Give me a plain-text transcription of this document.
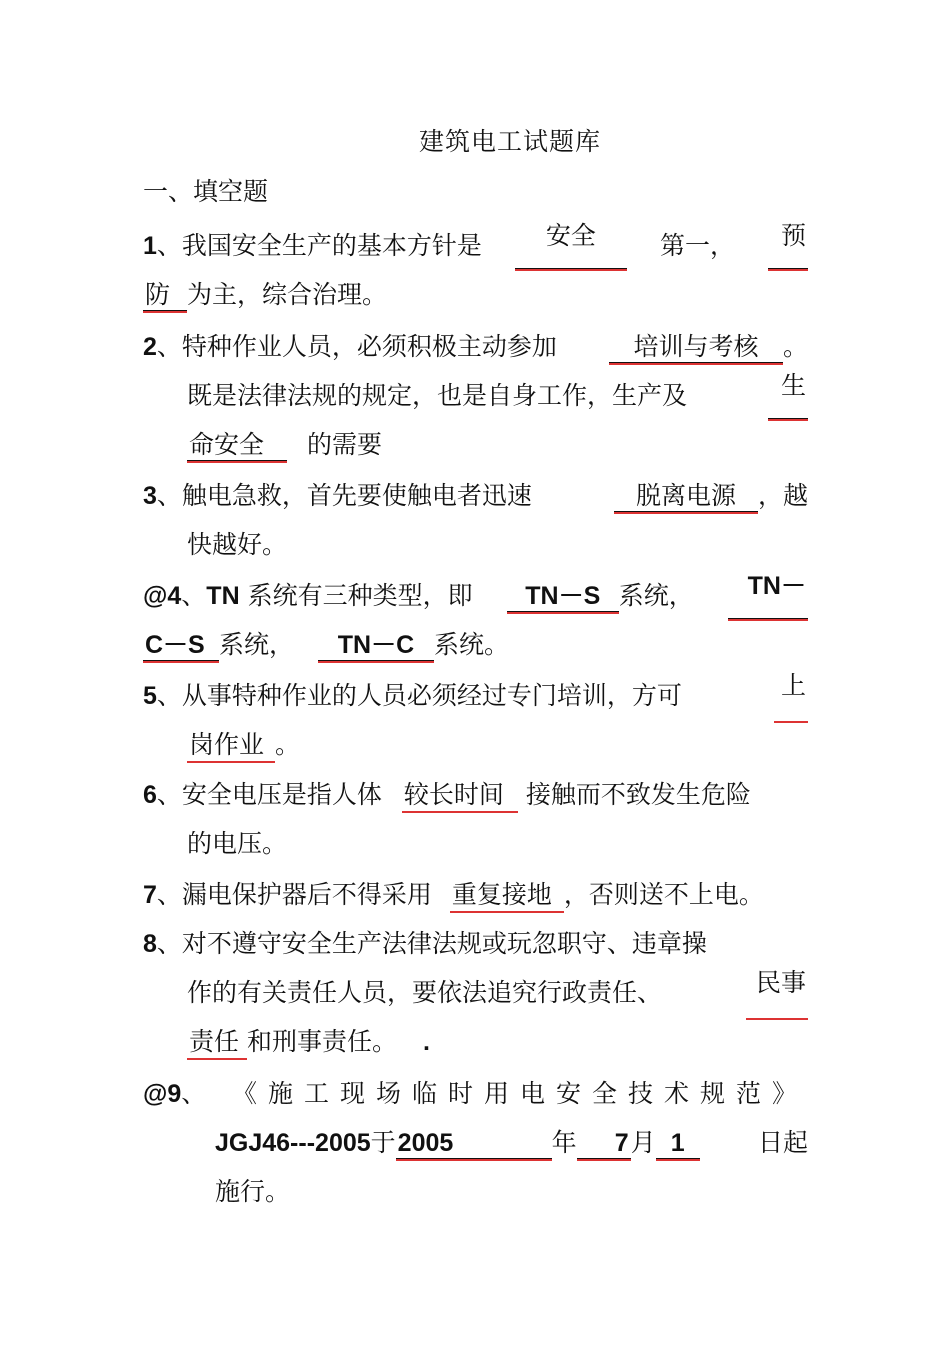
建筑电工试题库
一、填空题
1、我国安全生产的基本方针是	安全	第一，	预
防 为主，综合治理。
2、特种作业人员，必须积极主动参加	培训与考核 。
既是法律法规的规定，也是自身工作，生产及	生
命安全 的需要
3、触电急救，首先要使触电者迅速	脱离电源 ，越
快越好。
@4、TN 系统有三种类型，即	TN－S 系统，	TN－
C－S 系统， TN－C 系统。
5、从事特种作业的人员必须经过专门培训，方可	上
岗作业 。
6、安全电压是指人体 较长时间 接触而不致发生危险
的电压。
7、漏电保护器后不得采用 重复接地 ，否则送不上电。
8、对不遵守安全生产法律法规或玩忽职守、违章操
作的有关责任人员，要依法追究行政责任、	民事
责任 和刑事责任。 .
@9、 《施工现场临时用电安全技术规范》
JGJ46---2005于2005	年 7月 1	日起
施行。
